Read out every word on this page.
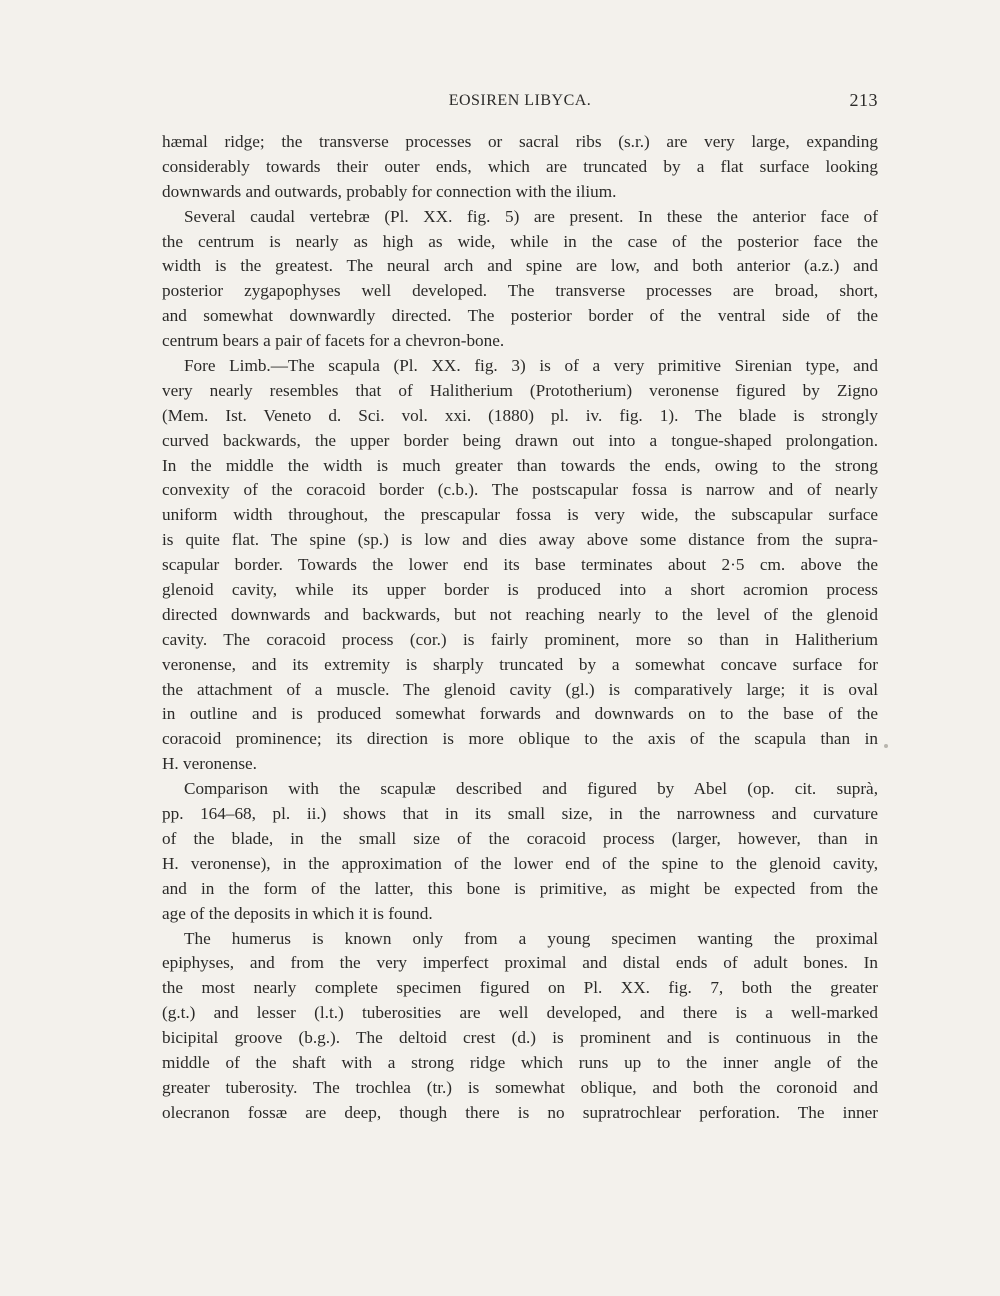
EOSIREN LIBYCA.	213
hæmal ridge; the transverse processes or sacral ribs (s.r.) are very large, expanding
considerably towards their outer ends, which are truncated by a flat surface looking
downwards and outwards, probably for connection with the ilium.
Several caudal vertebræ (Pl. XX. fig. 5) are present. In these the anterior face of
the centrum is nearly as high as wide, while in the case of the posterior face the
width is the greatest. The neural arch and spine are low, and both anterior (a.z.) and
posterior zygapophyses well developed. The transverse processes are broad, short,
and somewhat downwardly directed. The posterior border of the ventral side of the
centrum bears a pair of facets for a chevron-bone.
Fore Limb.—The scapula (Pl. XX. fig. 3) is of a very primitive Sirenian type, and
very nearly resembles that of Halitherium (Prototherium) veronense figured by Zigno
(Mem. Ist. Veneto d. Sci. vol. xxi. (1880) pl. iv. fig. 1). The blade is strongly
curved backwards, the upper border being drawn out into a tongue-shaped prolongation.
In the middle the width is much greater than towards the ends, owing to the strong
convexity of the coracoid border (c.b.). The postscapular fossa is narrow and of nearly
uniform width throughout, the prescapular fossa is very wide, the subscapular surface
is quite flat. The spine (sp.) is low and dies away above some distance from the supra-
scapular border. Towards the lower end its base terminates about 2·5 cm. above the
glenoid cavity, while its upper border is produced into a short acromion process
directed downwards and backwards, but not reaching nearly to the level of the glenoid
cavity. The coracoid process (cor.) is fairly prominent, more so than in Halitherium
veronense, and its extremity is sharply truncated by a somewhat concave surface for
the attachment of a muscle. The glenoid cavity (gl.) is comparatively large; it is oval
in outline and is produced somewhat forwards and downwards on to the base of the
coracoid prominence; its direction is more oblique to the axis of the scapula than in
H. veronense.
Comparison with the scapulæ described and figured by Abel (op. cit. suprà,
pp. 164–68, pl. ii.) shows that in its small size, in the narrowness and curvature
of the blade, in the small size of the coracoid process (larger, however, than in
H. veronense), in the approximation of the lower end of the spine to the glenoid cavity,
and in the form of the latter, this bone is primitive, as might be expected from the
age of the deposits in which it is found.
The humerus is known only from a young specimen wanting the proximal
epiphyses, and from the very imperfect proximal and distal ends of adult bones. In
the most nearly complete specimen figured on Pl. XX. fig. 7, both the greater
(g.t.) and lesser (l.t.) tuberosities are well developed, and there is a well-marked
bicipital groove (b.g.). The deltoid crest (d.) is prominent and is continuous in the
middle of the shaft with a strong ridge which runs up to the inner angle of the
greater tuberosity. The trochlea (tr.) is somewhat oblique, and both the coronoid and
olecranon fossæ are deep, though there is no supratrochlear perforation. The inner
